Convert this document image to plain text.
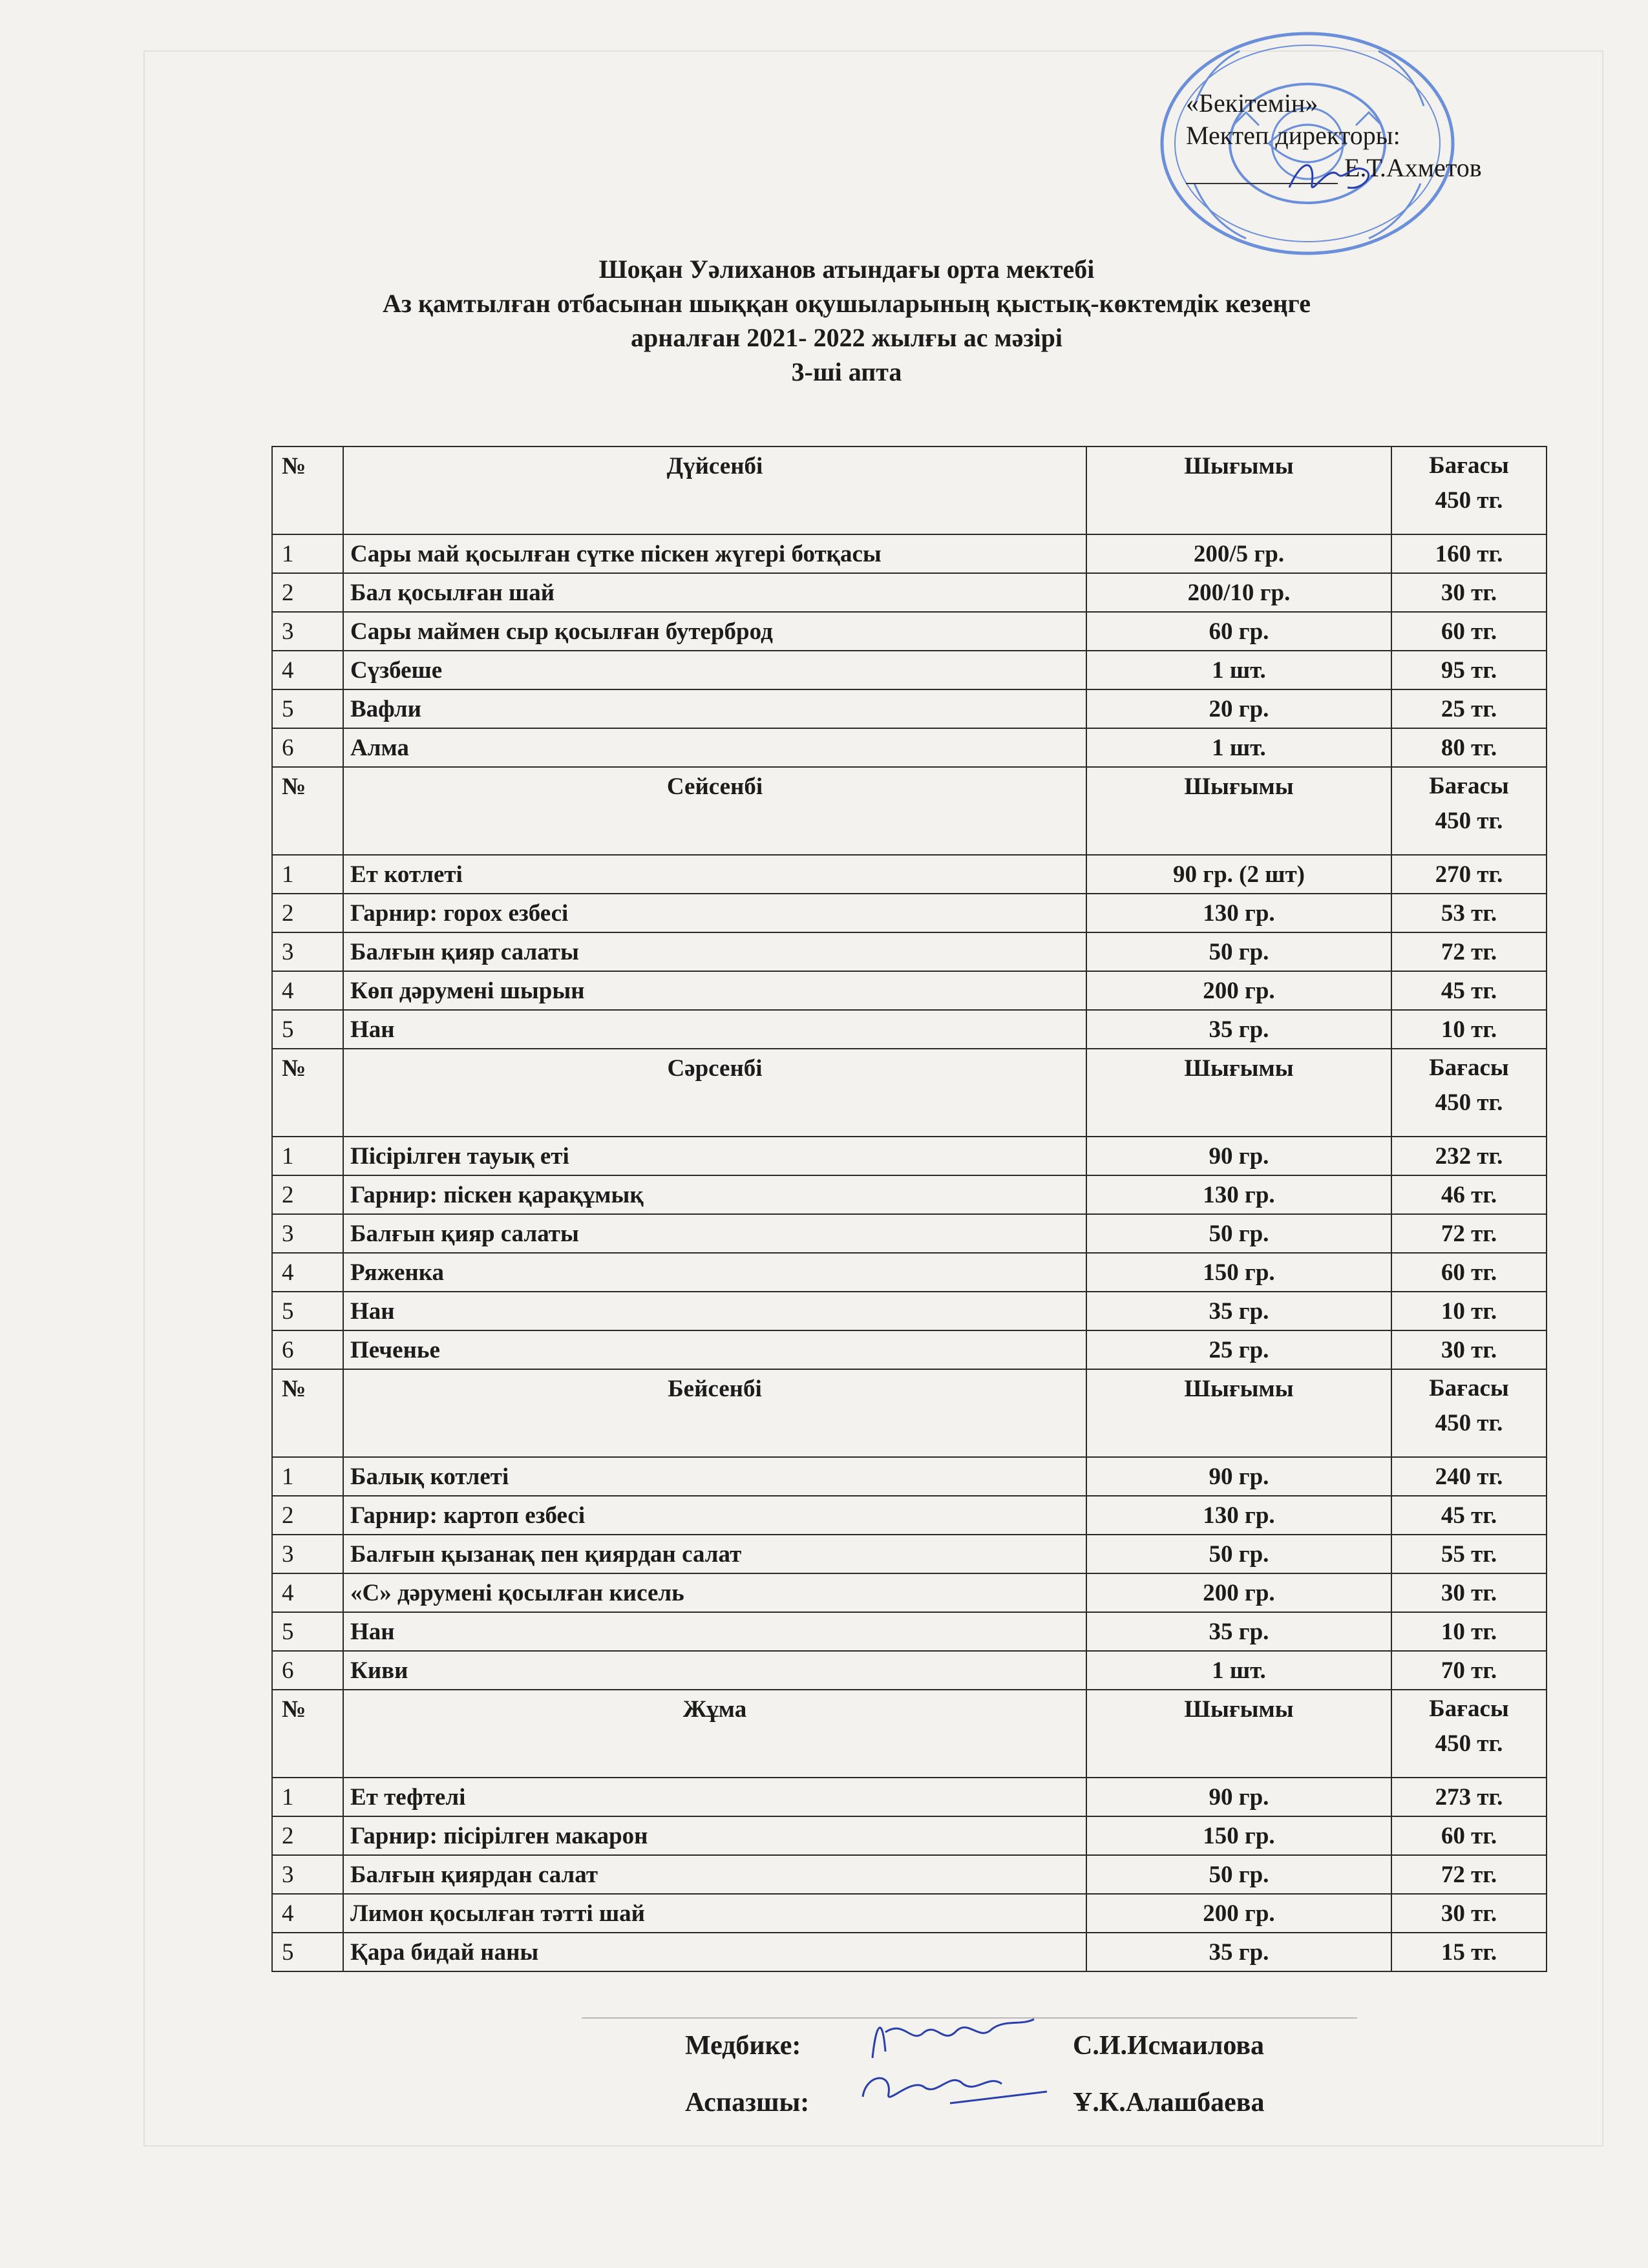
«Бекітемін»
Мектеп директоры:
Е.Т.Ахметов
Шоқан Уәлиханов атындағы орта мектебі
Аз қамтылған отбасынан шыққан оқушыларының қыстық-көктемдік кезеңге
арналған 2021- 2022 жылғы ас мәзірі
3-ші апта
№	Дүйсенбі	Шығымы	Бағасы
450 тг.

1	Сары май қосылған сүтке піскен жүгері ботқасы	200/5 гр.	160 тг.
2	Бал қосылған шай	200/10 гр.	30 тг.
3	Сары маймен сыр қосылған бутерброд	60 гр.	60 тг.
4	Сүзбеше	1 шт.	95 тг.
5	Вафли	20 гр.	25 тг.
6	Алма	1 шт.	80 тг.
№	Сейсенбі	Шығымы	Бағасы
450 тг.

1	Ет котлеті	90 гр. (2 шт)	270 тг.
2	Гарнир: горох езбесі	130 гр.	53 тг.
3	Балғын қияр салаты	50 гр.	72 тг.
4	Көп дәрумені шырын	200 гр.	45 тг.
5	Нан	35 гр.	10 тг.
№	Сәрсенбі	Шығымы	Бағасы
450 тг.

1	Пісірілген тауық еті	90 гр.	232 тг.
2	Гарнир: піскен қарақұмық	130 гр.	46 тг.
3	Балғын қияр салаты	50 гр.	72 тг.
4	Ряженка	150 гр.	60 тг.
5	Нан	35 гр.	10 тг.
6	Печенье	25 гр.	30 тг.
№	Бейсенбі	Шығымы	Бағасы
450 тг.

1	Балық котлеті	90 гр.	240 тг.
2	Гарнир: картоп езбесі	130 гр.	45 тг.
3	Балғын қызанақ пен қиярдан салат	50 гр.	55 тг.
4	«С» дәрумені қосылған кисель	200 гр.	30 тг.
5	Нан	35 гр.	10 тг.
6	Киви	1 шт.	70 тг.
№	Жұма	Шығымы	Бағасы
450 тг.

1	Ет тефтелі	90 гр.	273 тг.
2	Гарнир: пісірілген макарон	150 гр.	60 тг.
3	Балғын қиярдан салат	50 гр.	72 тг.
4	Лимон қосылған тәтті шай	200 гр.	30 тг.
5	Қара бидай наны	35 гр.	15 тг.
Медбике:	С.И.Исмаилова
Аспазшы:	Ұ.К.Алашбаева
